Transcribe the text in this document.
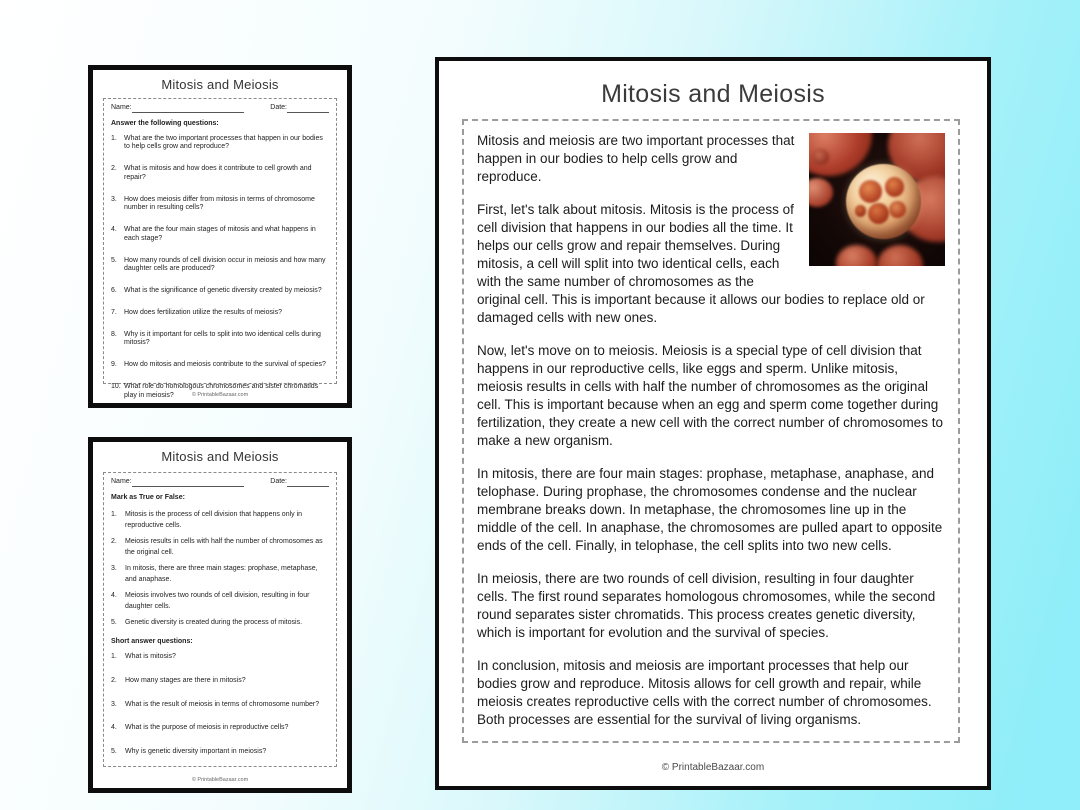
Mitosis and Meiosis
Name:	Date:
Answer the following questions:
1.	What are the two important processes that happen in our bodies to help cells grow and reproduce?
2.	What is mitosis and how does it contribute to cell growth and repair?
3.	How does meiosis differ from mitosis in terms of chromosome number in resulting cells?
4.	What are the four main stages of mitosis and what happens in each stage?
5.	How many rounds of cell division occur in meiosis and how many daughter cells are produced?
6.	What is the significance of genetic diversity created by meiosis?
7.	How does fertilization utilize the results of meiosis?
8.	Why is it important for cells to split into two identical cells during mitosis?
9.	How do mitosis and meiosis contribute to the survival of species?
10. What role do homologous chromosomes and sister chromatids play in meiosis?	© PrintableBazaar.com
Mitosis and Meiosis
Name:	Date:
Mark as True or False:
1.	Mitosis is the process of cell division that happens only in reproductive cells.
2.	Meiosis results in cells with half the number of chromosomes as the original cell.
3.	In mitosis, there are three main stages: prophase, metaphase, and anaphase.
4.	Meiosis involves two rounds of cell division, resulting in four daughter cells.
5.	Genetic diversity is created during the process of mitosis.
Short answer questions:
1.	What is mitosis?
2.	How many stages are there in mitosis?
3.	What is the result of meiosis in terms of chromosome number?
4.	What is the purpose of meiosis in reproductive cells?
5.	Why is genetic diversity important in meiosis?
© PrintableBazaar.com
Mitosis and Meiosis

Mitosis and meiosis are two important processes that happen in our bodies to help cells grow and reproduce.

First, let's talk about mitosis. Mitosis is the process of cell division that happens in our bodies all the time. It helps our cells grow and repair themselves. During mitosis, a cell will split into two identical cells, each with the same number of chromosomes as the original cell. This is important because it allows our bodies to replace old or damaged cells with new ones.

Now, let's move on to meiosis. Meiosis is a special type of cell division that happens in our reproductive cells, like eggs and sperm. Unlike mitosis, meiosis results in cells with half the number of chromosomes as the original cell. This is important because when an egg and sperm come together during fertilization, they create a new cell with the correct number of chromosomes to make a new organism.

In mitosis, there are four main stages: prophase, metaphase, anaphase, and telophase. During prophase, the chromosomes condense and the nuclear membrane breaks down. In metaphase, the chromosomes line up in the middle of the cell. In anaphase, the chromosomes are pulled apart to opposite ends of the cell. Finally, in telophase, the cell splits into two new cells.

In meiosis, there are two rounds of cell division, resulting in four daughter cells. The first round separates homologous chromosomes, while the second round separates sister chromatids. This process creates genetic diversity, which is important for evolution and the survival of species.

In conclusion, mitosis and meiosis are important processes that help our bodies grow and reproduce. Mitosis allows for cell growth and repair, while meiosis creates reproductive cells with the correct number of chromosomes. Both processes are essential for the survival of living organisms.

© PrintableBazaar.com
